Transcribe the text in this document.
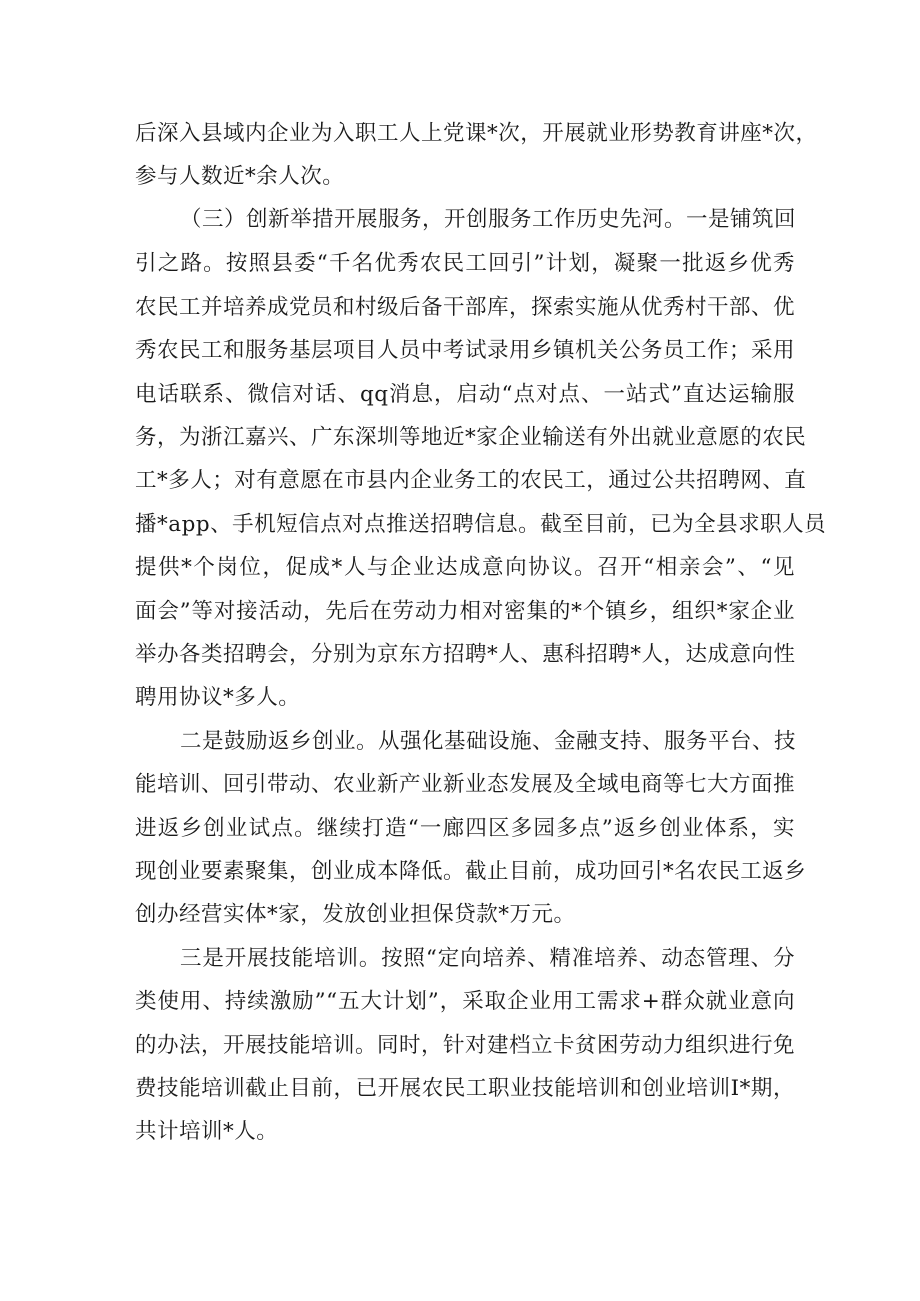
后深入县域内企业为入职工人上党课*次，开展就业形势教育讲座*次，
参与人数近*余人次。
（三）创新举措开展服务，开创服务工作历史先河。一是铺筑回
引之路。按照县委“千名优秀农民工回引”计划，凝聚一批返乡优秀
农民工并培养成党员和村级后备干部库，探索实施从优秀村干部、优
秀农民工和服务基层项目人员中考试录用乡镇机关公务员工作；采用
电话联系、微信对话、qq消息，启动“点对点、一站式”直达运输服
务，为浙江嘉兴、广东深圳等地近*家企业输送有外出就业意愿的农民
工*多人；对有意愿在市县内企业务工的农民工，通过公共招聘网、直
播*app、手机短信点对点推送招聘信息。截至目前，已为全县求职人员
提供*个岗位，促成*人与企业达成意向协议。召开“相亲会”、“见
面会”等对接活动，先后在劳动力相对密集的*个镇乡，组织*家企业
举办各类招聘会，分别为京东方招聘*人、惠科招聘*人，达成意向性
聘用协议*多人。
二是鼓励返乡创业。从强化基础设施、金融支持、服务平台、技
能培训、回引带动、农业新产业新业态发展及全域电商等七大方面推
进返乡创业试点。继续打造“一廊四区多园多点”返乡创业体系，实
现创业要素聚集，创业成本降低。截止目前，成功回引*名农民工返乡
创办经营实体*家，发放创业担保贷款*万元。
三是开展技能培训。按照“定向培养、精准培养、动态管理、分
类使用、持续激励”“五大计划”，采取企业用工需求+群众就业意向
的办法，开展技能培训。同时，针对建档立卡贫困劳动力组织进行免
费技能培训截止目前，已开展农民工职业技能培训和创业培训I*期，
共计培训*人。
